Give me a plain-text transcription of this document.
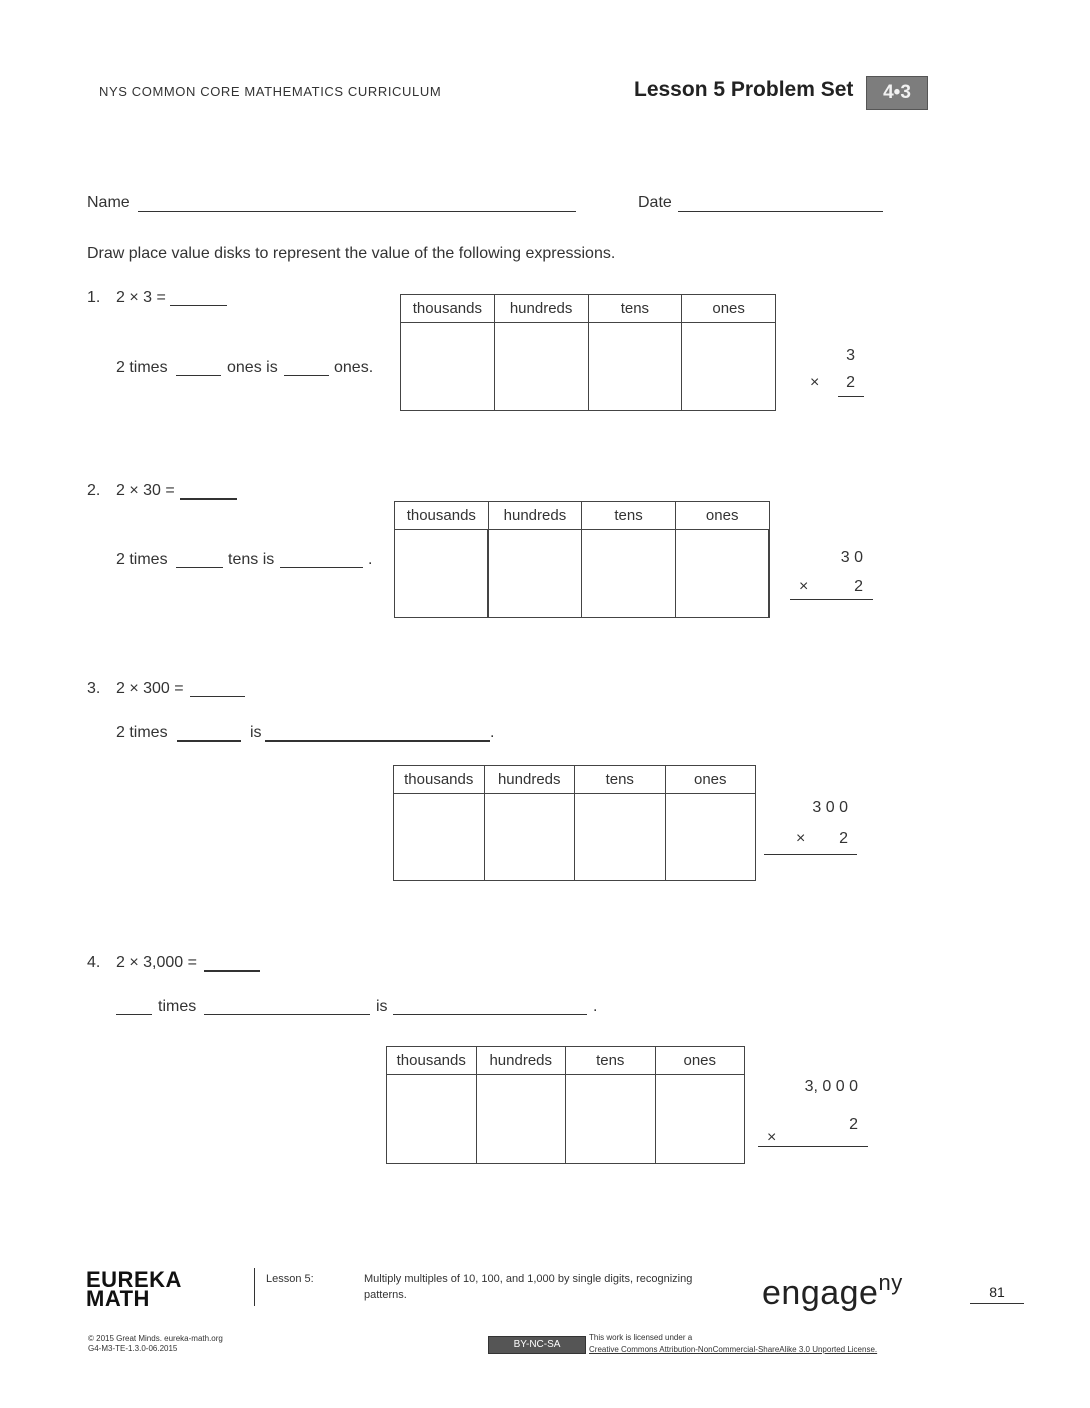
NYS COMMON CORE MATHEMATICS CURRICULUM	Lesson 5 Problem Set	4•3
Name	Date
Draw place value disks to represent the value of the following expressions.
1. 2 × 3 =
2 times	ones is	ones.
thousands	hundreds	tens	ones

3
×	2
2. 2 × 30 =
2 times	tens is	.
thousands	hundreds	tens	ones

3 0
×	2
3. 2 × 300 =
2 times	is	.
thousands	hundreds	tens	ones

3 0 0
×	2
4. 2 × 3,000 =
times	is	.
thousands	hundreds	tens	ones

3, 0 0 0
×
2
EUREKA
MATH
Lesson 5:	Multiply multiples of 10, 100, and 1,000 by single digits, recognizing
patterns.	engage$^{ny}$	81
© 2015 Great Minds. eureka-math.org
G4-M3-TE-1.3.0-06.2015	BY-NC-SA
This work is licensed under a
Creative Commons Attribution-NonCommercial-ShareAlike 3.0 Unported License.
